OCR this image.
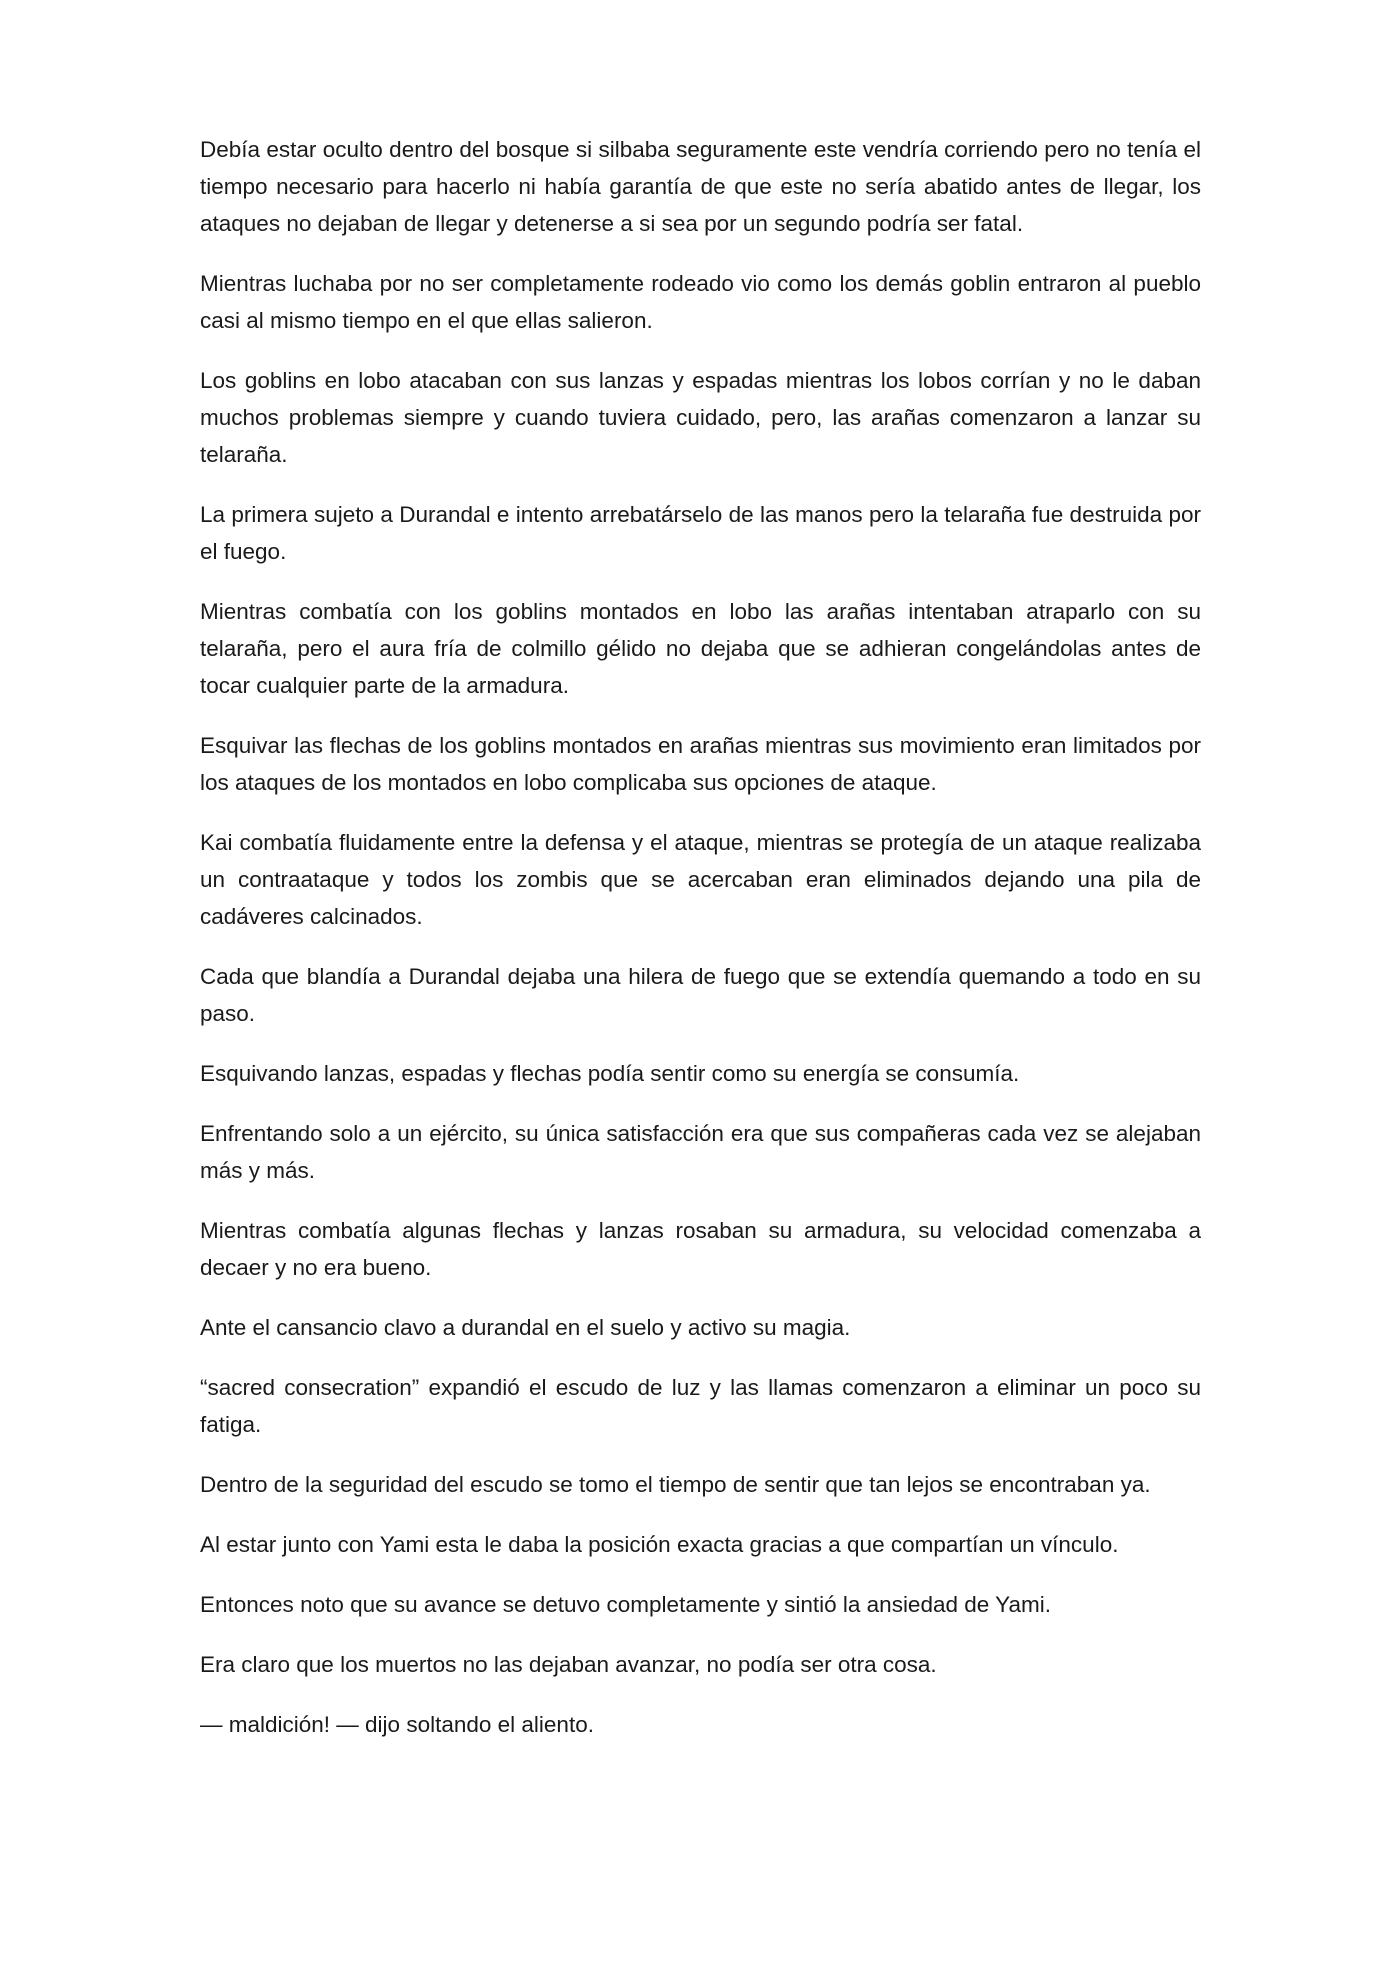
Debía estar oculto dentro del bosque si silbaba seguramente este vendría corriendo pero no tenía el tiempo necesario para hacerlo ni había garantía de que este no sería abatido antes de llegar, los ataques no dejaban de llegar y detenerse a si sea por un segundo podría ser fatal.

Mientras luchaba por no ser completamente rodeado vio como los demás goblin entraron al pueblo casi al mismo tiempo en el que ellas salieron.

Los goblins en lobo atacaban con sus lanzas y espadas mientras los lobos corrían y no le daban muchos problemas siempre y cuando tuviera cuidado, pero, las arañas comenzaron a lanzar su telaraña.

La primera sujeto a Durandal e intento arrebatárselo de las manos pero la telaraña fue destruida por el fuego.

Mientras combatía con los goblins montados en lobo las arañas intentaban atraparlo con su telaraña, pero el aura fría de colmillo gélido no dejaba que se adhieran congelándolas antes de tocar cualquier parte de la armadura.

Esquivar las flechas de los goblins montados en arañas mientras sus movimiento eran limitados por los ataques de los montados en lobo complicaba sus opciones de ataque.

Kai combatía fluidamente entre la defensa y el ataque, mientras se protegía de un ataque realizaba un contraataque y todos los zombis que se acercaban eran eliminados dejando una pila de cadáveres calcinados.

Cada que blandía a Durandal dejaba una hilera de fuego que se extendía quemando a todo en su paso.

Esquivando lanzas, espadas y flechas podía sentir como su energía se consumía.

Enfrentando solo a un ejército, su única satisfacción era que sus compañeras cada vez se alejaban más y más.

Mientras combatía algunas flechas y lanzas rosaban su armadura, su velocidad comenzaba a decaer y no era bueno.

Ante el cansancio clavo a durandal en el suelo y activo su magia.

“sacred consecration” expandió el escudo de luz y las llamas comenzaron a eliminar un poco su fatiga.

Dentro de la seguridad del escudo se tomo el tiempo de sentir que tan lejos se encontraban ya.

Al estar junto con Yami esta le daba la posición exacta gracias a que compartían un vínculo.

Entonces noto que su avance se detuvo completamente y sintió la ansiedad de Yami.

Era claro que los muertos no las dejaban avanzar, no podía ser otra cosa.

— maldición! — dijo soltando el aliento.
